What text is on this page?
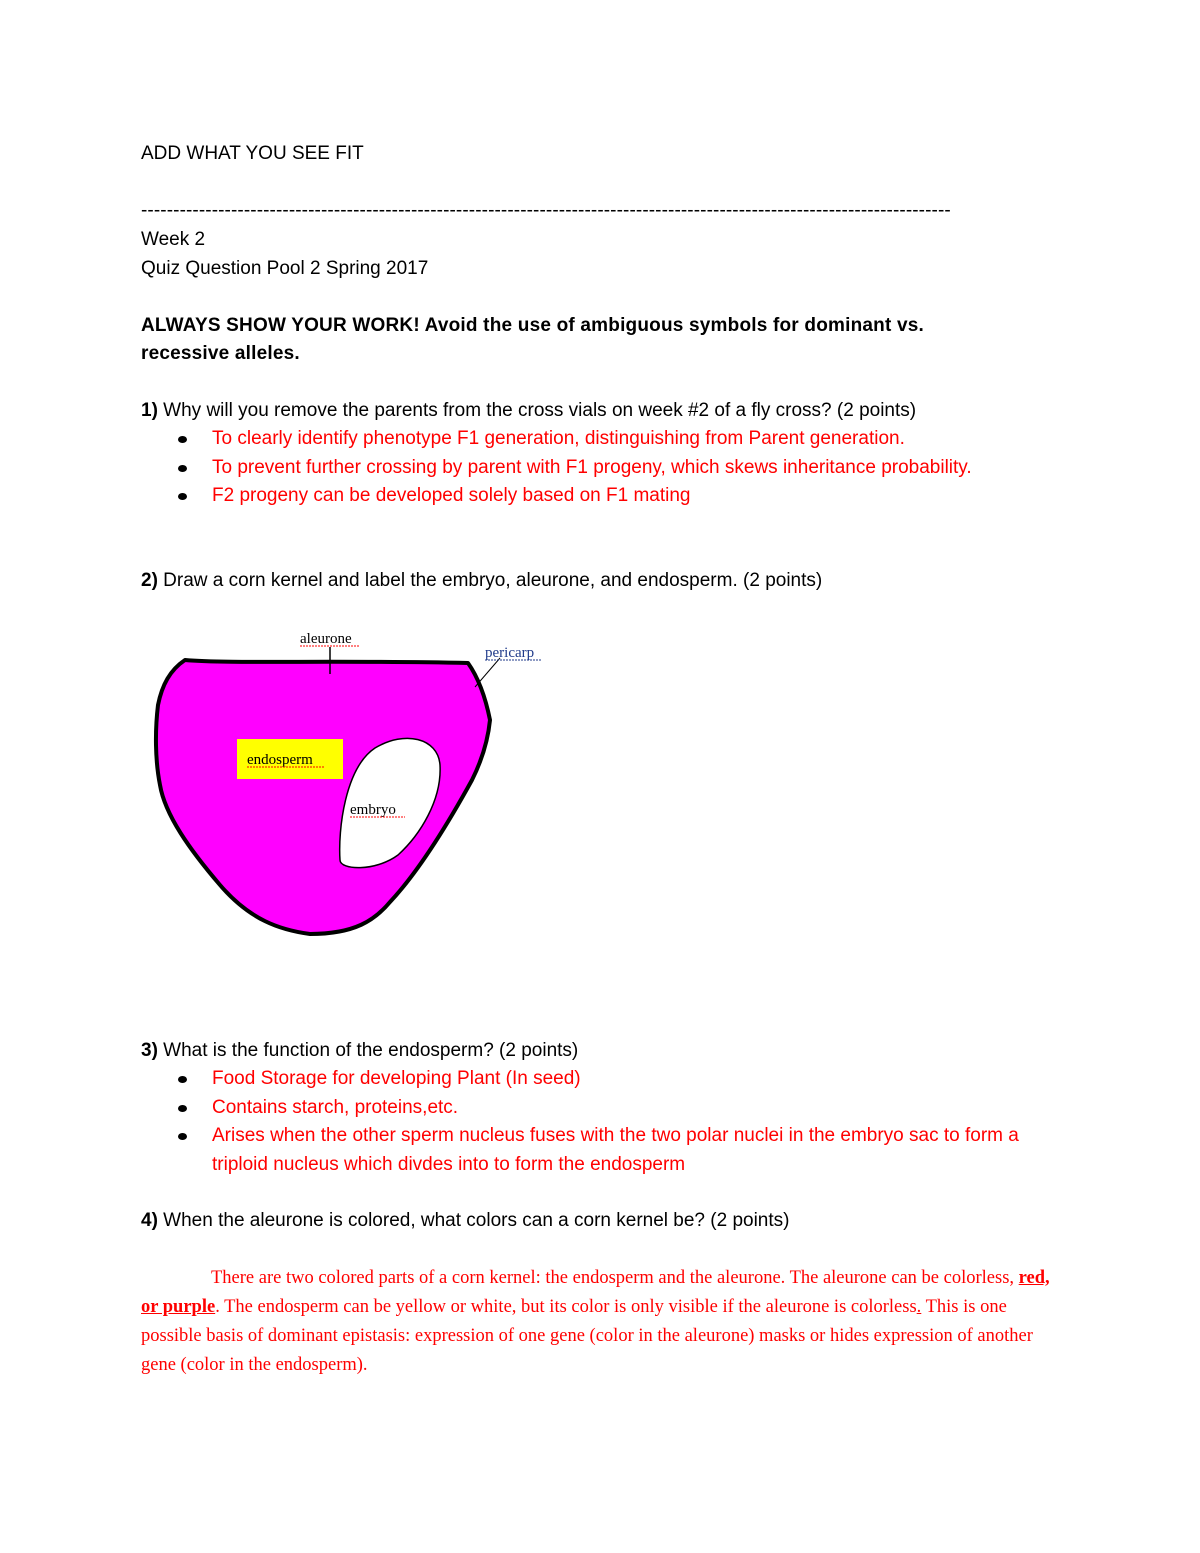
ADD WHAT YOU SEE FIT
------------------------------------------------------------------------------------------------------------------------------
Week 2
Quiz Question Pool 2 Spring 2017
ALWAYS SHOW YOUR WORK! Avoid the use of ambiguous symbols for dominant vs.
recessive alleles.
1) Why will you remove the parents from the cross vials on week #2 of a fly cross? (2 points)
To clearly identify phenotype F1 generation, distinguishing from Parent generation.
To prevent further crossing by parent with F1 progeny, which skews inheritance probability.
F2 progeny can be developed solely based on F1 mating
2) Draw a corn kernel and label the embryo, aleurone, and endosperm. (2 points)
aleurone
pericarp
endosperm
embryo
3) What is the function of the endosperm? (2 points)
Food Storage for developing Plant (In seed)
Contains starch, proteins,etc.
Arises when the other sperm nucleus fuses with the two polar nuclei in the embryo sac to form a triploid nucleus which divdes into to form the endosperm
4) When the aleurone is colored, what colors can a corn kernel be? (2 points)
There are two colored parts of a corn kernel: the endosperm and the aleurone. The aleurone can be colorless, red, or purple. The endosperm can be yellow or white, but its color is only visible if the aleurone is colorless. This is one possible basis of dominant epistasis: expression of one gene (color in the aleurone) masks or hides expression of another gene (color in the endosperm).
